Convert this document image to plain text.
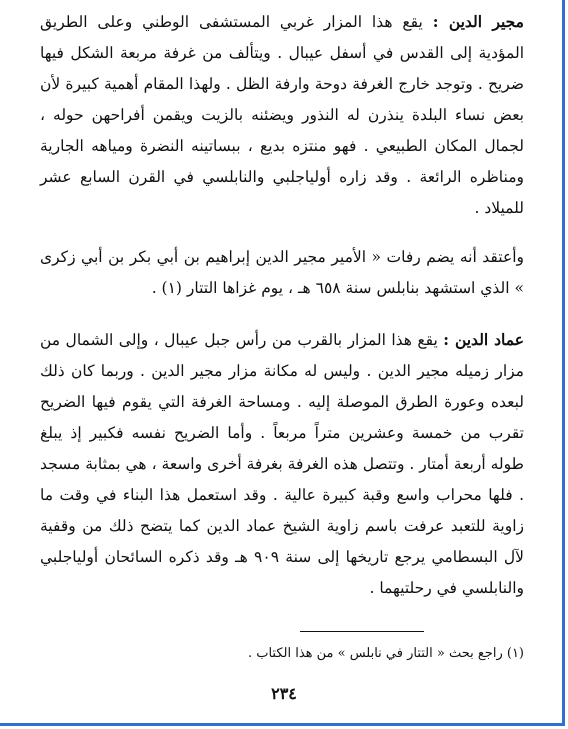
مجير الدين : يقع هذا المزار غربي المستشفى الوطني وعلى الطريق المؤدية إلى القدس في أسفل عيبال . ويتألف من غرفة مربعة الشكل فيها ضريح . وتوجد خارج الغرفة دوحة وارفة الظل . ولهذا المقام أهمية كبيرة لأن بعض نساء البلدة ينذرن له النذور ويضئنه بالزيت ويقمن أفراحهن حوله ، لجمال المكان الطبيعي . فهو منتزه بديع ، ببساتينه النضرة ومياهه الجارية ومناظره الرائعة . وقد زاره أولياجلبي والنابلسي في القرن السابع عشر للميلاد .

وأعتقد أنه يضم رفات « الأمير مجير الدين إبراهيم بن أبي بكر بن أبي زكرى » الذي استشهد بنابلس سنة ٦٥٨ هـ ، يوم غزاها التتار (١) .

عماد الدين : يقع هذا المزار بالقرب من رأس جبل عيبال ، وإلى الشمال من مزار زميله مجير الدين . وليس له مكانة مزار مجير الدين . وربما كان ذلك لبعده وعورة الطرق الموصلة إليه . ومساحة الغرفة التي يقوم فيها الضريح تقرب من خمسة وعشرين متراً مربعاً . وأما الضريح نفسه فكبير إذ يبلغ طوله أربعة أمتار . وتتصل هذه الغرفة بغرفة أخرى واسعة ، هي بمثابة مسجد . فلها محراب واسع وقبة كبيرة عالية . وقد استعمل هذا البناء في وقت ما زاوية للتعبد عرفت باسم زاوية الشيخ عماد الدين كما يتضح ذلك من وقفية لآل البسطامي يرجع تاريخها إلى سنة ٩٠٩ هـ وقد ذكره السائحان أولياجلبي والنابلسي في رحلتيهما .

(١) راجع بحث « التتار في نابلس » من هذا الكتاب .
٢٣٤
